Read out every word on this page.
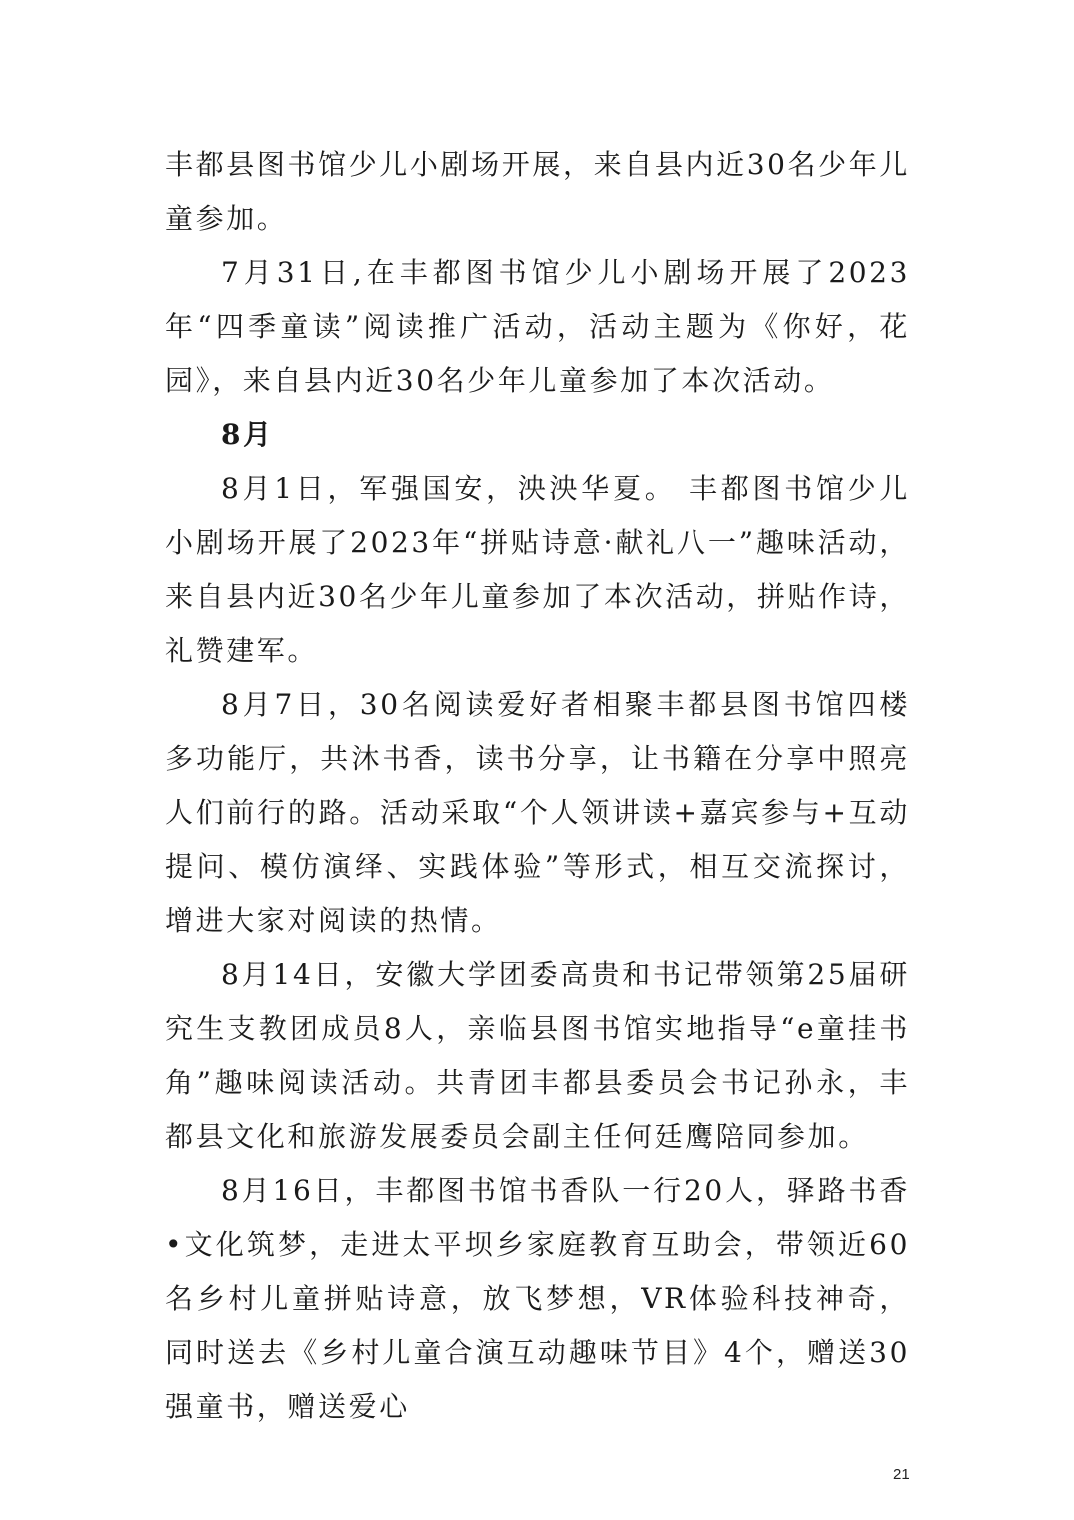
丰都县图书馆少儿小剧场开展，来自县内近30名少年儿童参加。

7月31日,在丰都图书馆少儿小剧场开展了2023年“四季童读”阅读推广活动，活动主题为《你好，花园》，来自县内近30名少年儿童参加了本次活动。

8月

8月1日，军强国安，泱泱华夏。 丰都图书馆少儿小剧场开展了2023年“拼贴诗意·献礼八一”趣味活动，来自县内近30名少年儿童参加了本次活动，拼贴作诗，礼赞建军。

8月7日，30名阅读爱好者相聚丰都县图书馆四楼多功能厅，共沐书香，读书分享，让书籍在分享中照亮人们前行的路。活动采取“个人领讲读+嘉宾参与+互动提问、模仿演绎、实践体验”等形式，相互交流探讨，增进大家对阅读的热情。

8月14日，安徽大学团委高贵和书记带领第25届研究生支教团成员8人，亲临县图书馆实地指导“e童挂书角”趣味阅读活动。共青团丰都县委员会书记孙永，丰都县文化和旅游发展委员会副主任何廷鹰陪同参加。

8月16日，丰都图书馆书香队一行20人，驿路书香•文化筑梦，走进太平坝乡家庭教育互助会，带领近60名乡村儿童拼贴诗意，放飞梦想，VR体验科技神奇，同时送去《乡村儿童合演互动趣味节目》4个，赠送30强童书，赠送爱心

21
